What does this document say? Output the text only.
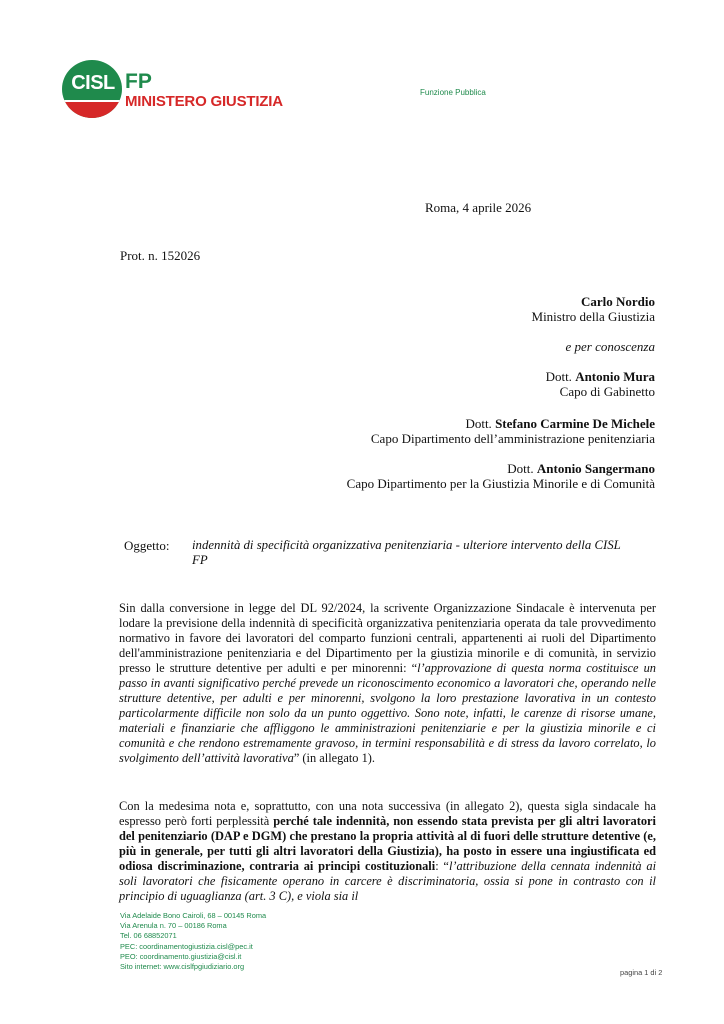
CISL FP
MINISTERO GIUSTIZIA
Funzione Pubblica
Roma, 4 aprile 2026
Prot. n. 152026
Carlo Nordio
Ministro della Giustizia
e per conoscenza
Dott. Antonio Mura
Capo di Gabinetto
Dott. Stefano Carmine De Michele
Capo Dipartimento dell’amministrazione penitenziaria
Dott. Antonio Sangermano
Capo Dipartimento per la Giustizia Minorile e di Comunità
Oggetto: indennità di specificità organizzativa penitenziaria - ulteriore intervento della CISL
FP
Sin dalla conversione in legge del DL 92/2024, la scrivente Organizzazione Sindacale è intervenuta per lodare la previsione della indennità di specificità organizzativa penitenziaria operata da tale provvedimento normativo in favore dei lavoratori del comparto funzioni centrali, appartenenti ai ruoli del Dipartimento dell'amministrazione penitenziaria e del Dipartimento per la giustizia minorile e di comunità, in servizio presso le strutture detentive per adulti e per minorenni: “l’approvazione di questa norma costituisce un passo in avanti significativo perché prevede un riconoscimento economico a lavoratori che, operando nelle strutture detentive, per adulti e per minorenni, svolgono la loro prestazione lavorativa in un contesto particolarmente difficile non solo da un punto oggettivo. Sono note, infatti, le carenze di risorse umane, materiali e finanziarie che affliggono le amministrazioni penitenziarie e per la giustizia minorile e ci comunità e che rendono estremamente gravoso, in termini responsabilità e di stress da lavoro correlato, lo svolgimento dell’attività lavorativa” (in allegato 1).
Con la medesima nota e, soprattutto, con una nota successiva (in allegato 2), questa sigla sindacale ha espresso però forti perplessità perché tale indennità, non essendo stata prevista per gli altri lavoratori del penitenziario (DAP e DGM) che prestano la propria attività al di fuori delle strutture detentive (e, più in generale, per tutti gli altri lavoratori della Giustizia), ha posto in essere una ingiustificata ed odiosa discriminazione, contraria ai principi costituzionali: “l’attribuzione della cennata indennità ai soli lavoratori che fisicamente operano in carcere è discriminatoria, ossia si pone in contrasto con il principio di uguaglianza (art. 3 C), e viola sia il
Via Adelaide Bono Cairoli, 68 – 00145 Roma
Via Arenula n. 70 – 00186 Roma
Tel. 06 68852071
PEC: coordinamentogiustizia.cisl@pec.it
PEO: coordinamento.giustizia@cisl.it
Sito internet: www.cislfpgiudiziario.org
pagina 1 di 2
